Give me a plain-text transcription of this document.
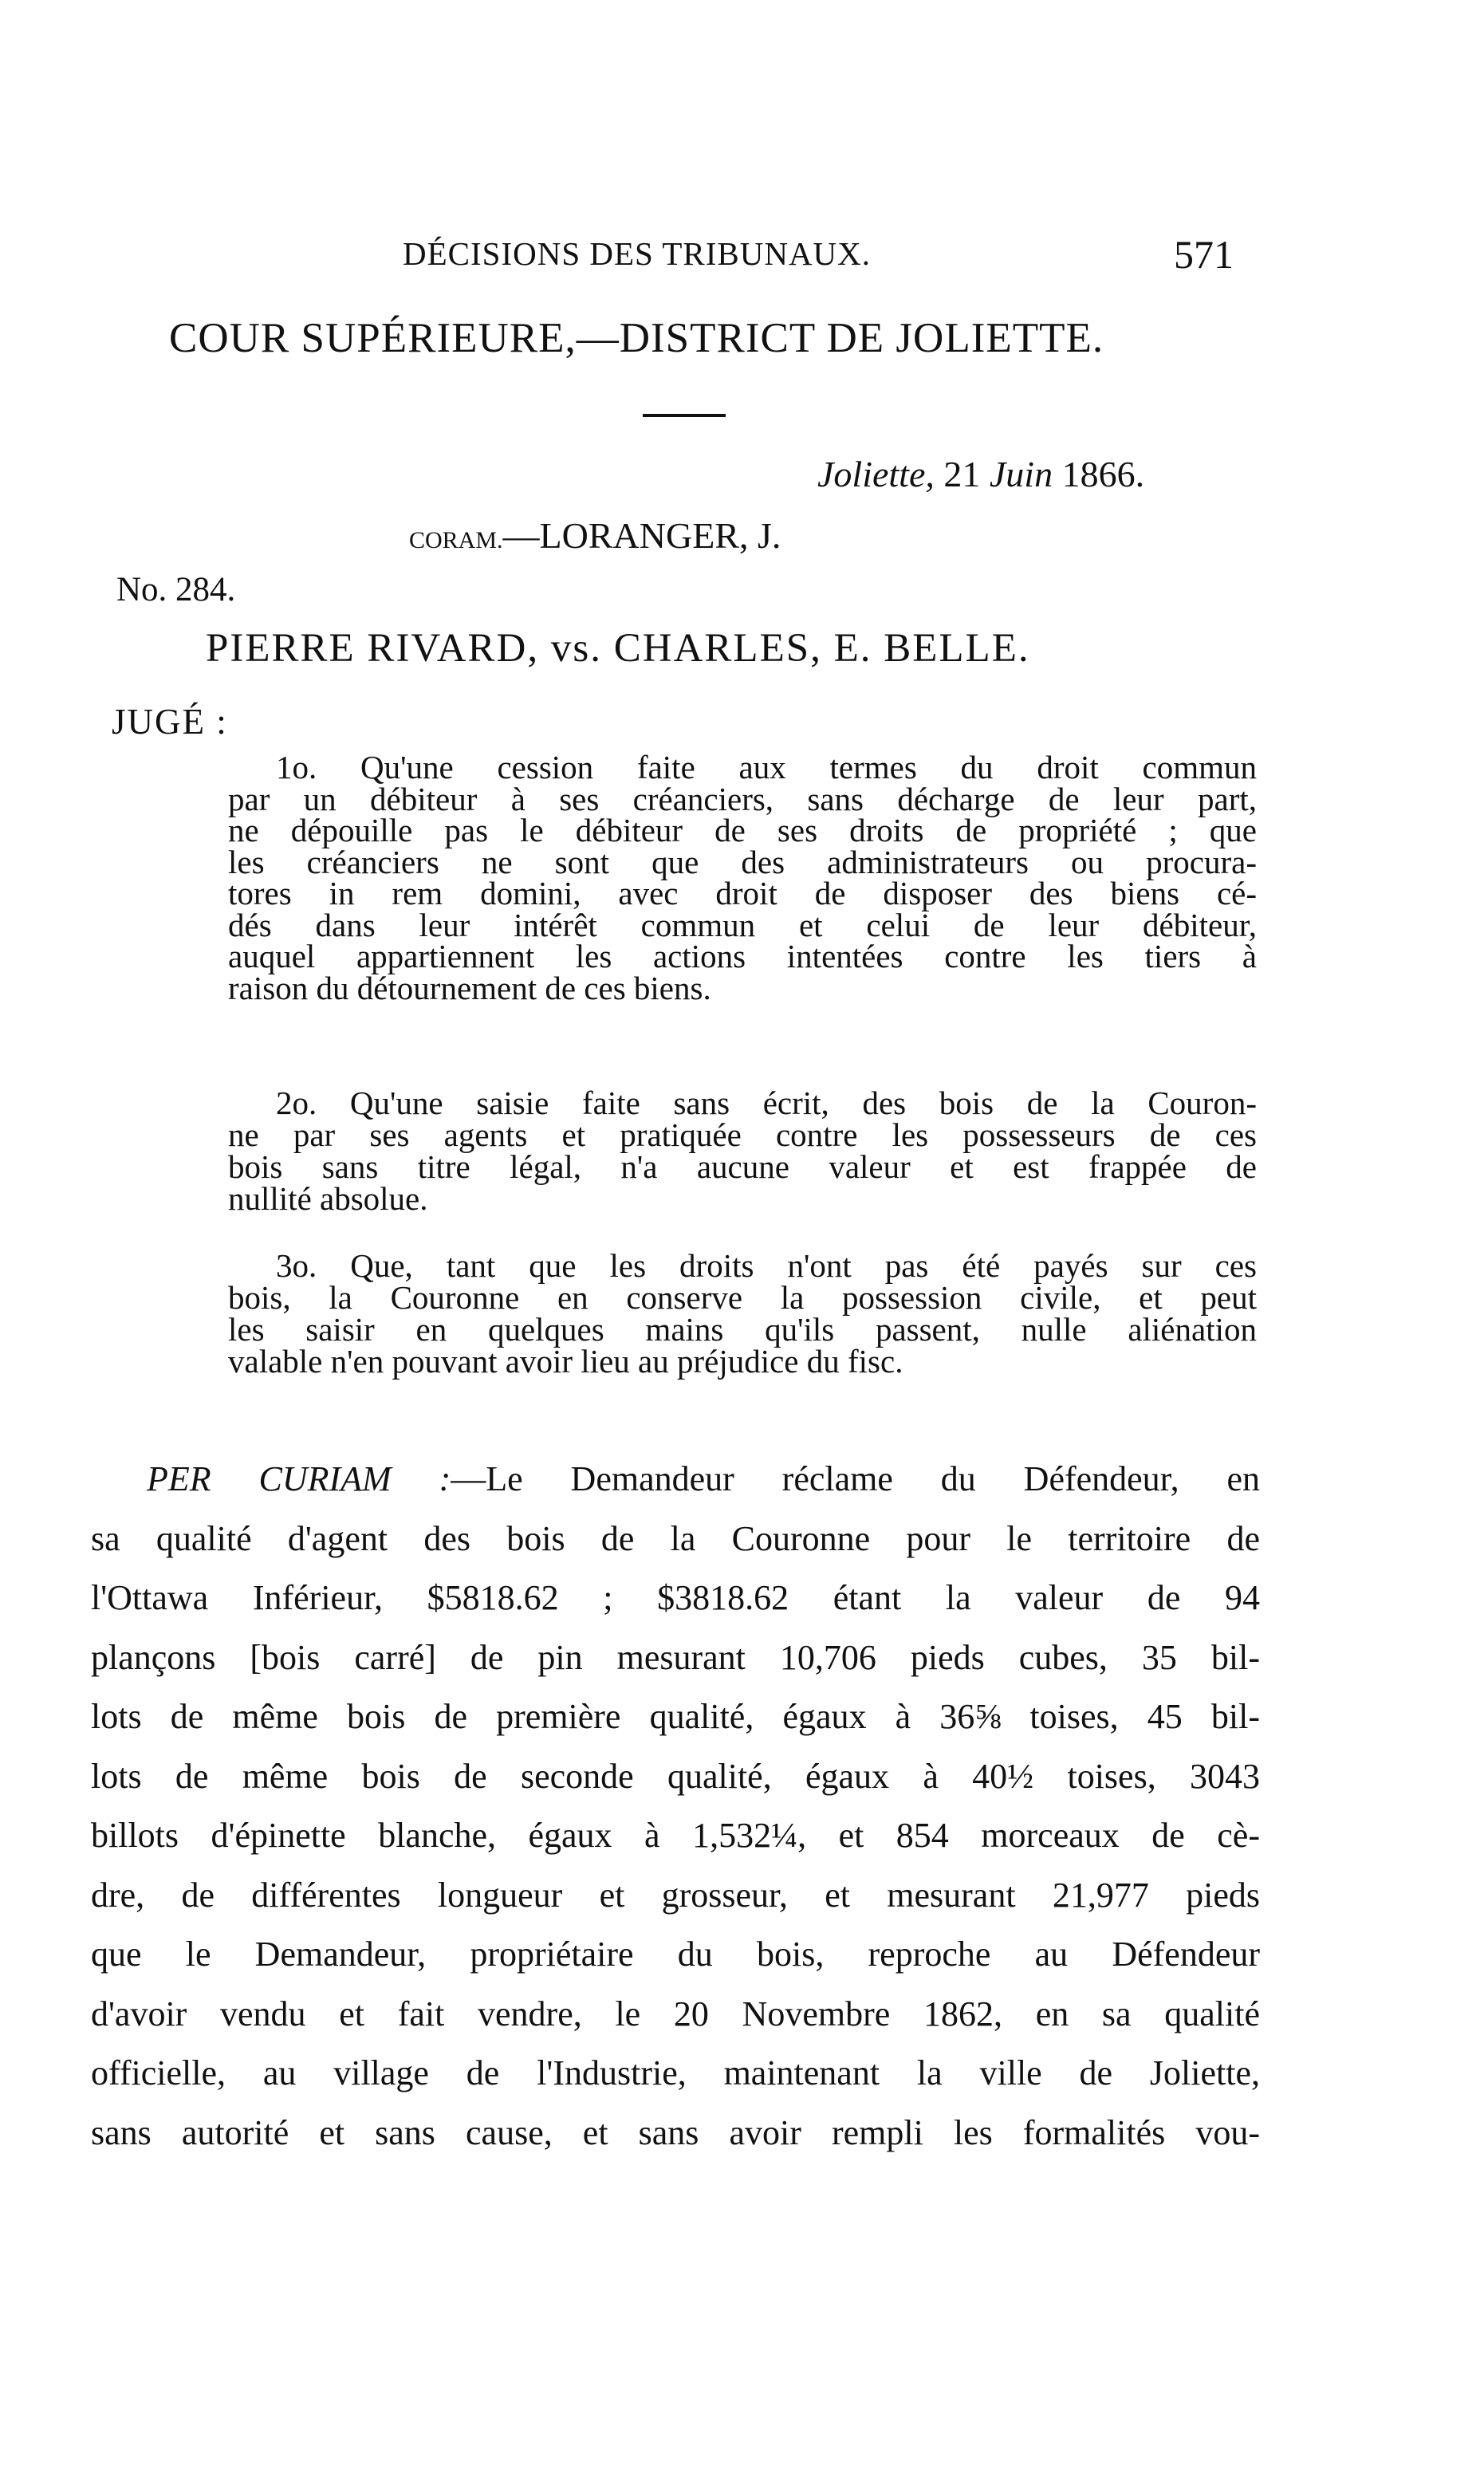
DÉCISIONS DES TRIBUNAUX.	571
COUR SUPÉRIEURE,—DISTRICT DE JOLIETTE.
Joliette, 21 Juin 1866.
CORAM.—LORANGER, J.
No. 284.
PIERRE RIVARD, vs. CHARLES, E. BELLE.
JUGÉ :
1o. Qu'une cession faite aux termes du droit commun
par un débiteur à ses créanciers, sans décharge de leur part,
ne dépouille pas le débiteur de ses droits de propriété ; que
les créanciers ne sont que des administrateurs ou procura-
tores in rem domini, avec droit de disposer des biens cé-
dés dans leur intérêt commun et celui de leur débiteur,
auquel appartiennent les actions intentées contre les tiers à
raison du détournement de ces biens.
2o. Qu'une saisie faite sans écrit, des bois de la Couron-
ne par ses agents et pratiquée contre les possesseurs de ces
bois sans titre légal, n'a aucune valeur et est frappée de
nullité absolue.
3o. Que, tant que les droits n'ont pas été payés sur ces
bois, la Couronne en conserve la possession civile, et peut
les saisir en quelques mains qu'ils passent, nulle aliénation
valable n'en pouvant avoir lieu au préjudice du fisc.
PER CURIAM :—Le Demandeur réclame du Défendeur, en
sa qualité d'agent des bois de la Couronne pour le territoire de
l'Ottawa Inférieur, $5818.62 ; $3818.62 étant la valeur de 94
plançons [bois carré] de pin mesurant 10,706 pieds cubes, 35 bil-
lots de même bois de première qualité, égaux à 36⅝ toises, 45 bil-
lots de même bois de seconde qualité, égaux à 40½ toises, 3043
billots d'épinette blanche, égaux à 1,532¼, et 854 morceaux de cè-
dre, de différentes longueur et grosseur, et mesurant 21,977 pieds
que le Demandeur, propriétaire du bois, reproche au Défendeur
d'avoir vendu et fait vendre, le 20 Novembre 1862, en sa qualité
officielle, au village de l'Industrie, maintenant la ville de Joliette,
sans autorité et sans cause, et sans avoir rempli les formalités vou-
